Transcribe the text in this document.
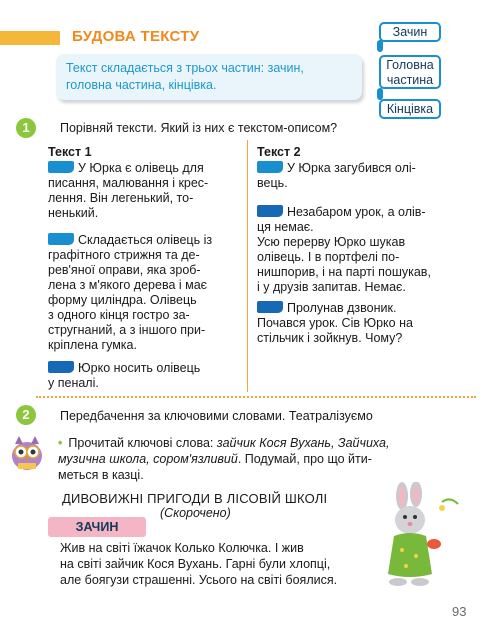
БУДОВА ТЕКСТУ
Текст складається з трьох частин: зачин,
головна частина, кінцівка.
Зачин
Головна
частина
Кінцівка
1	Порівняй тексти. Який із них є текстом-описом?
Текст 1
У Юрка є олівець для
писання, малювання і крес-
лення. Він легенький, то-
ненький.
Складається олівець із
графітного стрижня та де-
рев'яної оправи, яка зроб-
лена з м'якого дерева і має
форму циліндра. Олівець
з одного кінця гостро за-
стругнаний, а з іншого при-
кріплена гумка.
Юрко носить олівець
у пеналі.
Текст 2
У Юрка загубився олі-
вець.
Незабаром урок, а олів-
ця немає.
Усю перерву Юрко шукав
олівець. І в портфелі по-
нишпорив, і на парті пошукав,
і у друзів запитав. Немає.
Пролунав дзвоник.
Почався урок. Сів Юрко на
стільчик і зойкнув. Чому?
2	Передбачення за ключовими словами. Театралізуємо
• Прочитай ключові слова: зайчик Кося Вухань, Зайчиха,
музична школа, сором'язливий. Подумай, про що йти-
меться в казці.
ДИВОВИЖНІ ПРИГОДИ В ЛІСОВІЙ ШКОЛІ
(Скорочено)
ЗАЧИН
Жив на світі їжачок Колько Колючка. І жив
на світі зайчик Кося Вухань. Гарні були хлопці,
але боягузи страшенні. Усього на світі боялися.
93
